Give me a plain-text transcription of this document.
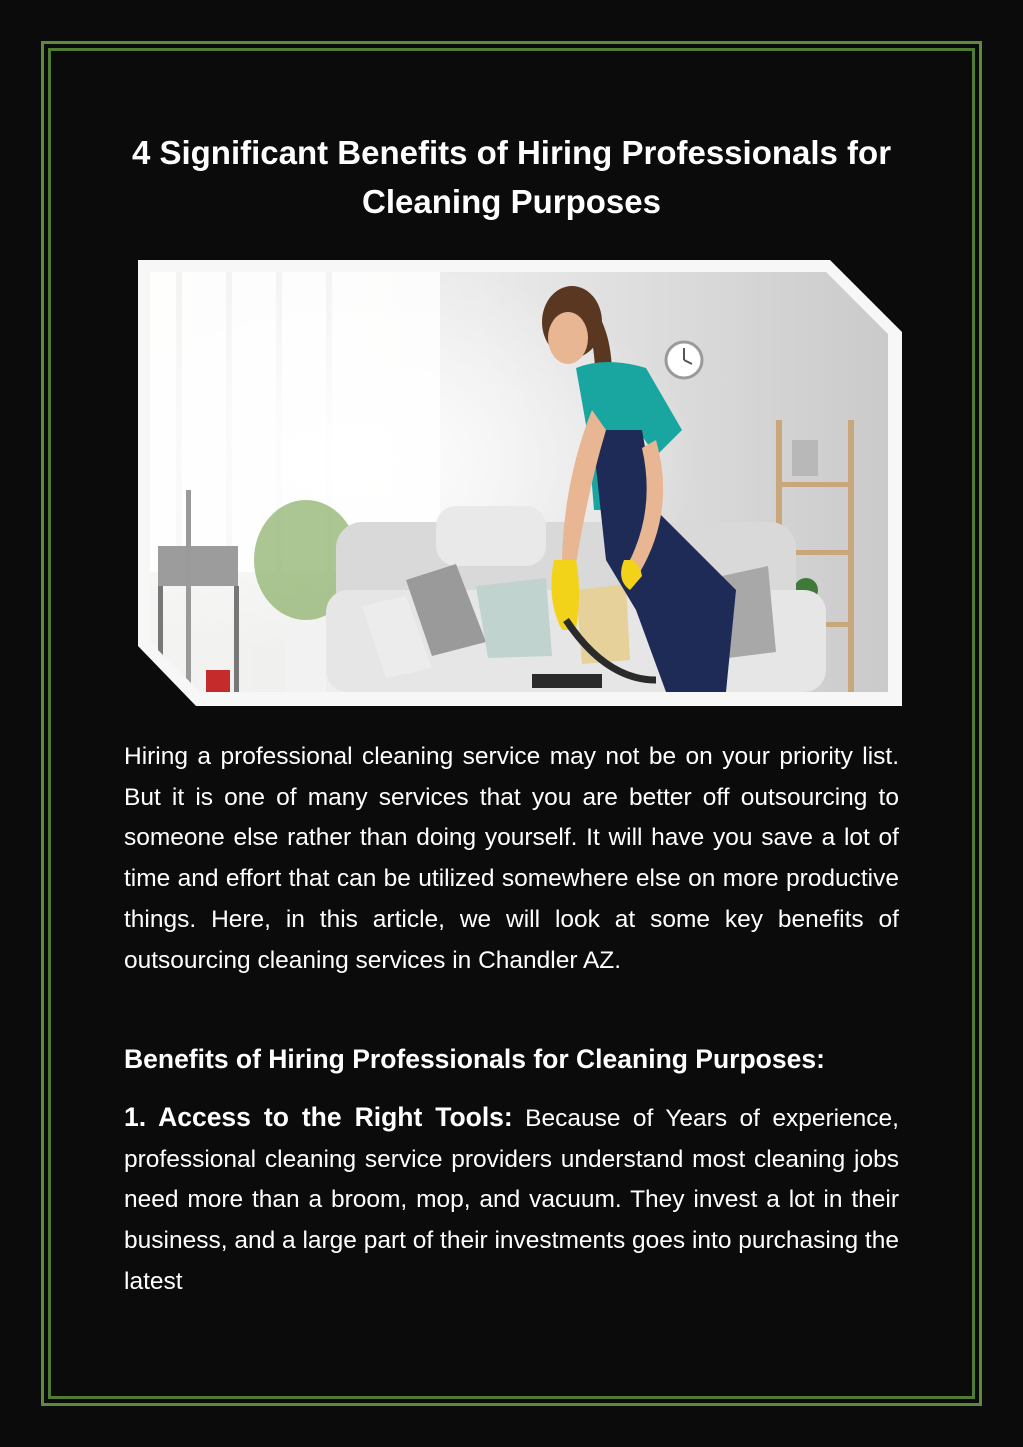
4 Significant Benefits of Hiring Professionals for Cleaning Purposes

Hiring a professional cleaning service may not be on your priority list. But it is one of many services that you are better off outsourcing to someone else rather than doing yourself. It will have you save a lot of time and effort that can be utilized somewhere else on more productive things. Here, in this article, we will look at some key benefits of outsourcing cleaning services in Chandler AZ.

Benefits of Hiring Professionals for Cleaning Purposes:

1. Access to the Right Tools: Because of Years of experience, professional cleaning service providers understand most cleaning jobs need more than a broom, mop, and vacuum. They invest a lot in their business, and a large part of their investments goes into purchasing the latest
